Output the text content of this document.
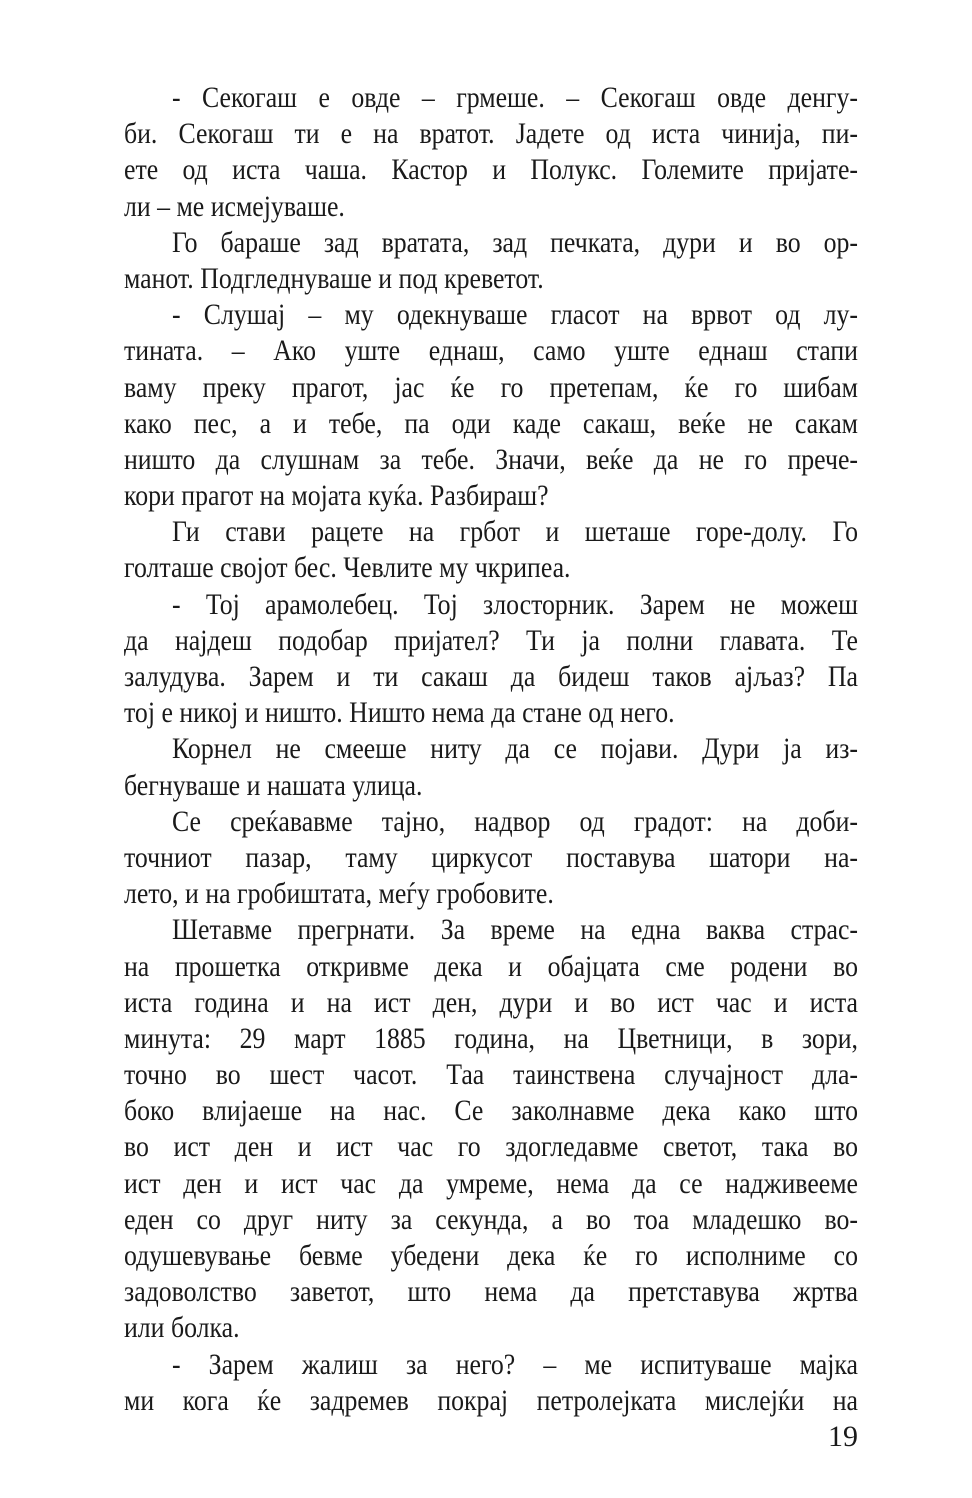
- Секогаш е овде – грмеше. – Секогаш овде денгу-
би. Секогаш ти е на вратот. Јадете од иста чинија, пи-
ете од иста чаша. Кастор и Полукс. Големите пријате-
ли – ме исмејуваше.
Го бараше зад вратата, зад печката, дури и во ор-
манот. Подгледнуваше и под креветот.
- Слушај – му одекнуваше гласот на врвот од лу-
тината. – Ако уште еднаш, само уште еднаш стапи
ваму преку прагот, јас ќе го претепам, ќе го шибам
како пес, а и тебе, па оди каде сакаш, веќе не сакам
ништо да слушнам за тебе. Значи, веќе да не го прече-
кори прагот на мојата куќа. Разбираш?
Ги стави рацете на грбот и шеташе горе-долу. Го
голташе својот бес. Чевлите му чкрипеа.
- Тој арамолебец. Тој злосторник. Зарем не можеш
да најдеш подобар пријател? Ти ја полни главата. Те
залудува. Зарем и ти сакаш да бидеш таков ајљаз? Па
тој е никој и ништо. Ништо нема да стане од него.
Корнел не смееше ниту да се појави. Дури ја из-
бегнуваше и нашата улица.
Се среќававме тајно, надвор од градот: на доби-
точниот пазар, таму циркусот поставува шатори на-
лето, и на гробиштата, меѓу гробовите.
Шетавме прегрнати. За време на една ваква страс-
на прошетка откривме дека и обајцата сме родени во
иста година и на ист ден, дури и во ист час и иста
минута: 29 март 1885 година, на Цветници, в зори,
точно во шест часот. Таа таинствена случајност дла-
боко влијаеше на нас. Се заколнавме дека како што
во ист ден и ист час го здогледавме светот, така во
ист ден и ист час да умреме, нема да се надживееме
еден со друг ниту за секунда, а во тоа младешко во-
одушевување бевме убедени дека ќе го исполниме со
задоволство заветот, што нема да претставува жртва
или болка.
- Зарем жалиш за него? – ме испитуваше мајка
ми кога ќе задремев покрај петролејката мислејќи на
19
